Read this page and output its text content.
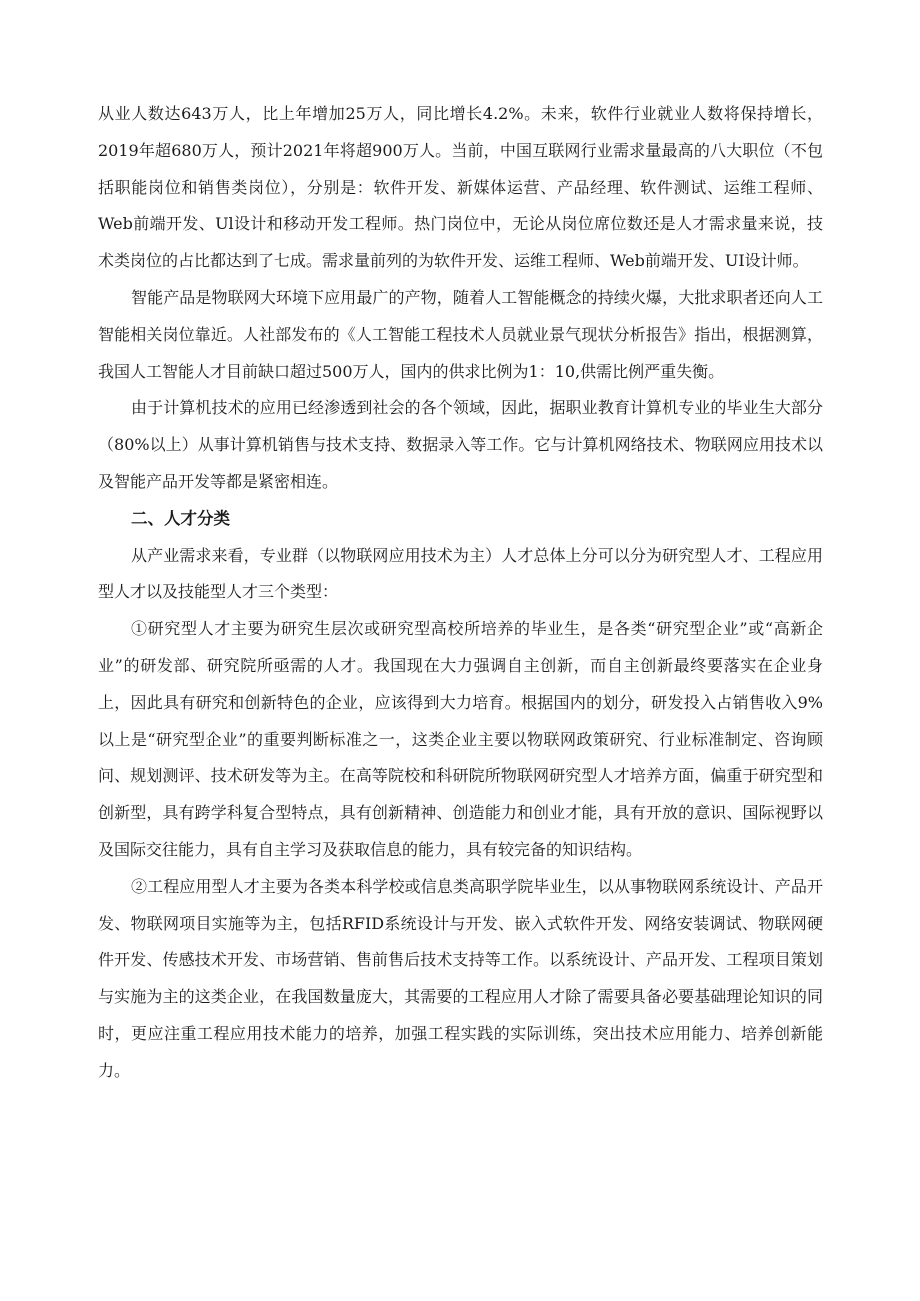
从业人数达643万人，比上年增加25万人，同比增长4.2%。未来，软件行业就业人数将保持增长，2019年超680万人，预计2021年将超900万人。当前，中国互联网行业需求量最高的八大职位（不包括职能岗位和销售类岗位），分别是：软件开发、新媒体运营、产品经理、软件测试、运维工程师、Web前端开发、Ul设计和移动开发工程师。热门岗位中，无论从岗位席位数还是人才需求量来说，技术类岗位的占比都达到了七成。需求量前列的为软件开发、运维工程师、Web前端开发、UI设计师。

智能产品是物联网大环境下应用最广的产物，随着人工智能概念的持续火爆，大批求职者还向人工智能相关岗位靠近。人社部发布的《人工智能工程技术人员就业景气现状分析报告》指出，根据测算，我国人工智能人才目前缺口超过500万人，国内的供求比例为1：10,供需比例严重失衡。

由于计算机技术的应用已经渗透到社会的各个领域，因此，据职业教育计算机专业的毕业生大部分（80%以上）从事计算机销售与技术支持、数据录入等工作。它与计算机网络技术、物联网应用技术以及智能产品开发等都是紧密相连。

二、人才分类

从产业需求来看，专业群（以物联网应用技术为主）人才总体上分可以分为研究型人才、工程应用型人才以及技能型人才三个类型：

①研究型人才主要为研究生层次或研究型高校所培养的毕业生，是各类“研究型企业”或“高新企业”的研发部、研究院所亟需的人才。我国现在大力强调自主创新，而自主创新最终要落实在企业身上，因此具有研究和创新特色的企业，应该得到大力培育。根据国内的划分，研发投入占销售收入9%以上是“研究型企业”的重要判断标准之一，这类企业主要以物联网政策研究、行业标准制定、咨询顾问、规划测评、技术研发等为主。在高等院校和科研院所物联网研究型人才培养方面，偏重于研究型和创新型，具有跨学科复合型特点，具有创新精神、创造能力和创业才能，具有开放的意识、国际视野以及国际交往能力，具有自主学习及获取信息的能力，具有较完备的知识结构。

②工程应用型人才主要为各类本科学校或信息类高职学院毕业生，以从事物联网系统设计、产品开发、物联网项目实施等为主，包括RFID系统设计与开发、嵌入式软件开发、网络安装调试、物联网硬件开发、传感技术开发、市场营销、售前售后技术支持等工作。以系统设计、产品开发、工程项目策划与实施为主的这类企业，在我国数量庞大，其需要的工程应用人才除了需要具备必要基础理论知识的同时，更应注重工程应用技术能力的培养，加强工程实践的实际训练，突出技术应用能力、培养创新能力。
